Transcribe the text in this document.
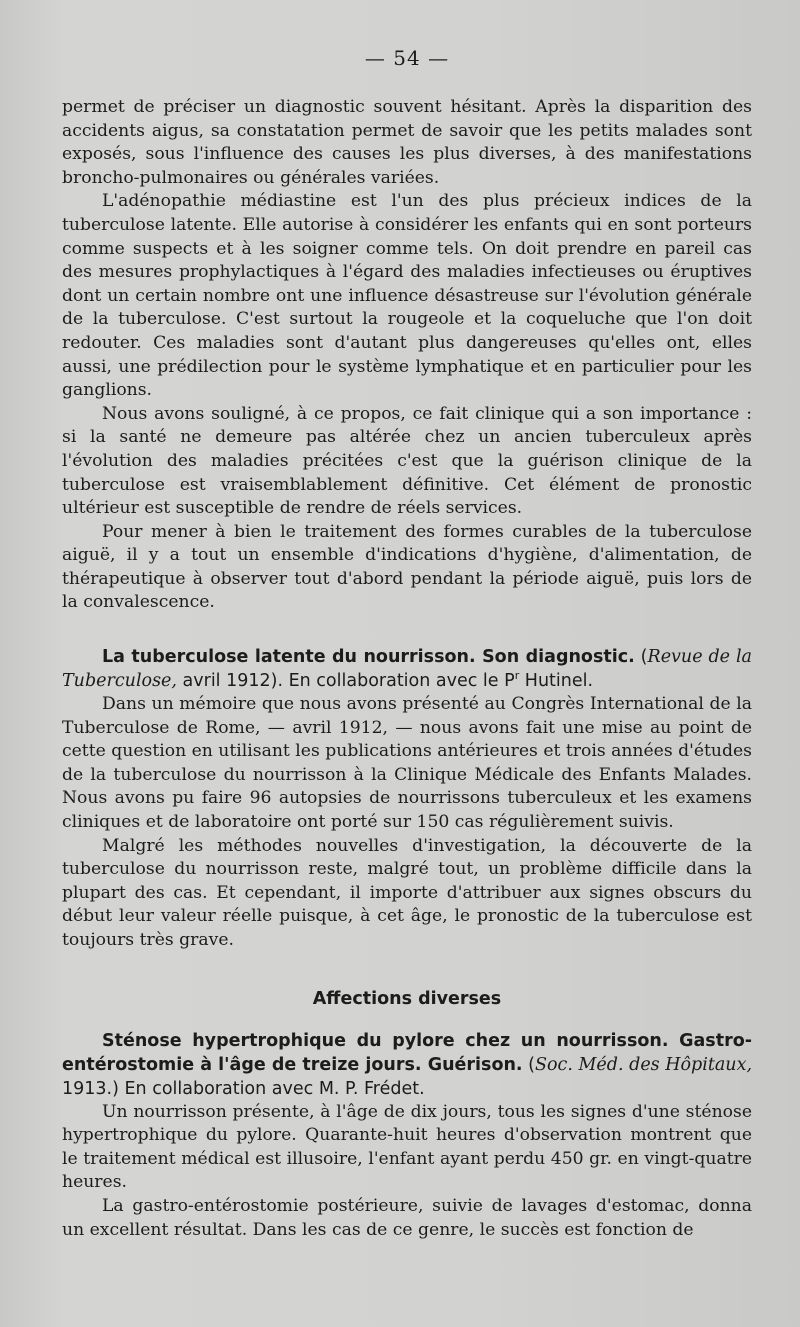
— 54 —

permet de préciser un diagnostic souvent hésitant. Après la disparition des accidents aigus, sa constatation permet de savoir que les petits malades sont exposés, sous l'influence des causes les plus diverses, à des manifestations broncho-pulmonaires ou générales variées.

L'adénopathie médiastine est l'un des plus précieux indices de la tuberculose latente. Elle autorise à considérer les enfants qui en sont porteurs comme suspects et à les soigner comme tels. On doit prendre en pareil cas des mesures prophylactiques à l'égard des maladies infectieuses ou éruptives dont un certain nombre ont une influence désastreuse sur l'évolution générale de la tuberculose. C'est surtout la rougeole et la coqueluche que l'on doit redouter. Ces maladies sont d'autant plus dangereuses qu'elles ont, elles aussi, une prédilection pour le système lymphatique et en particulier pour les ganglions.

Nous avons souligné, à ce propos, ce fait clinique qui a son importance : si la santé ne demeure pas altérée chez un ancien tuberculeux après l'évolution des maladies précitées c'est que la guérison clinique de la tuberculose est vraisemblablement définitive. Cet élément de pronostic ultérieur est susceptible de rendre de réels services.

Pour mener à bien le traitement des formes curables de la tuberculose aiguë, il y a tout un ensemble d'indications d'hygiène, d'alimentation, de thérapeutique à observer tout d'abord pendant la période aiguë, puis lors de la convalescence.

La tuberculose latente du nourrisson. Son diagnostic. (Revue de la Tuberculose, avril 1912). En collaboration avec le $P^r$ Hutinel.

Dans un mémoire que nous avons présenté au Congrès International de la Tuberculose de Rome, — avril 1912, — nous avons fait une mise au point de cette question en utilisant les publications antérieures et trois années d'études de la tuberculose du nourrisson à la Clinique Médicale des Enfants Malades. Nous avons pu faire 96 autopsies de nourrissons tuberculeux et les examens cliniques et de laboratoire ont porté sur 150 cas régulièrement suivis.

Malgré les méthodes nouvelles d'investigation, la découverte de la tuberculose du nourrisson reste, malgré tout, un problème difficile dans la plupart des cas. Et cependant, il importe d'attribuer aux signes obscurs du début leur valeur réelle puisque, à cet âge, le pronostic de la tuberculose est toujours très grave.

Affections diverses

Sténose hypertrophique du pylore chez un nourrisson. Gastro-entérostomie à l'âge de treize jours. Guérison. (Soc. Méd. des Hôpitaux, 1913.) En collaboration avec M. P. Frédet.

Un nourrisson présente, à l'âge de dix jours, tous les signes d'une sténose hypertrophique du pylore. Quarante-huit heures d'observation montrent que le traitement médical est illusoire, l'enfant ayant perdu 450 gr. en vingt-quatre heures.

La gastro-entérostomie postérieure, suivie de lavages d'estomac, donna un excellent résultat. Dans les cas de ce genre, le succès est fonction de
